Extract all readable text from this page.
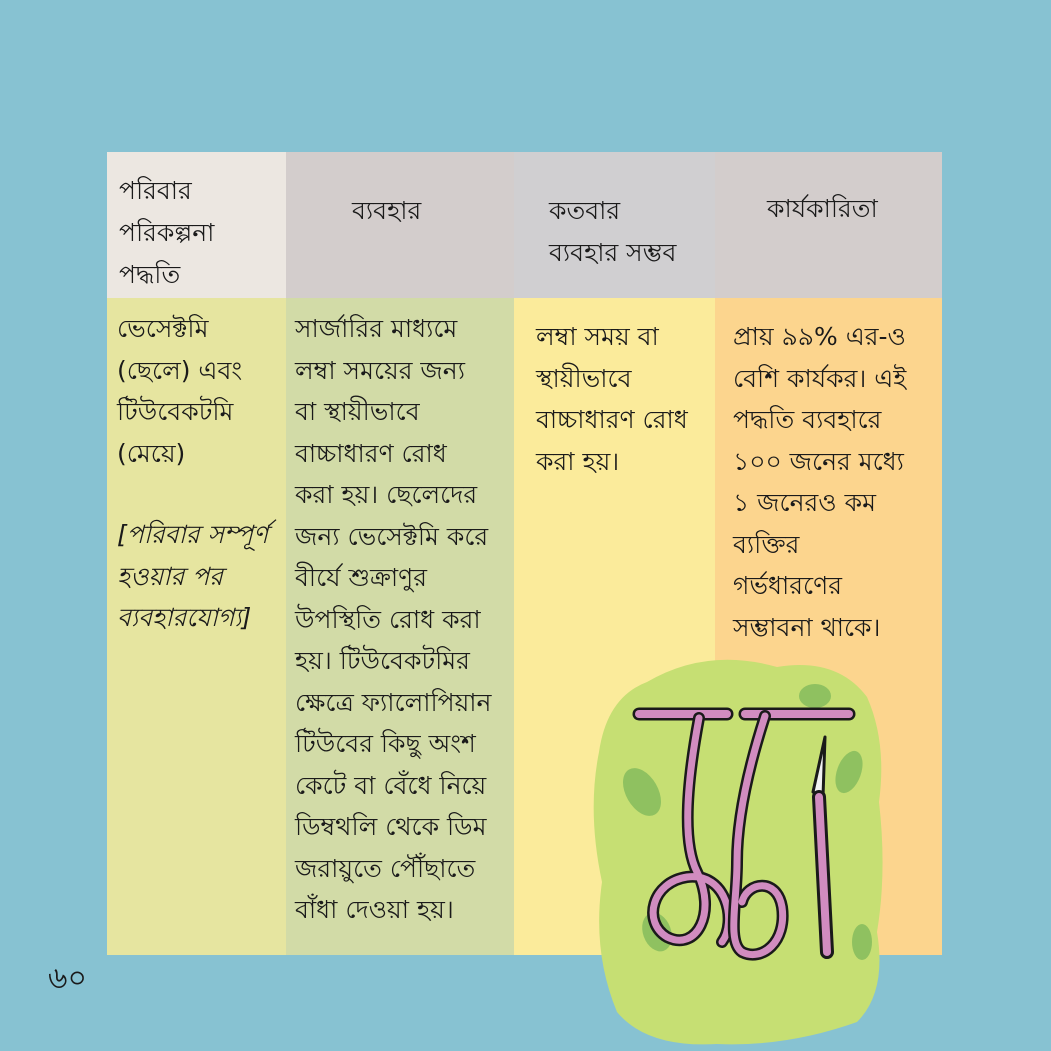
পরিবার
পরিকল্পনা
পদ্ধতি
ভেসেক্টমি
(ছেলে) এবং
টিউবেকটমি
(মেয়ে)
[পরিবার সম্পূর্ণ
হওয়ার পর
ব্যবহারযোগ্য]
ব্যবহার
সার্জারির মাধ্যমে
লম্বা সময়ের জন্য
বা স্থায়ীভাবে
বাচ্চাধারণ রোধ
করা হয়। ছেলেদের
জন্য ভেসেক্টমি করে
বীর্যে শুক্রাণুর
উপস্থিতি রোধ করা
হয়। টিউবেকটমির
ক্ষেত্রে ফ্যালোপিয়ান
টিউবের কিছু অংশ
কেটে বা বেঁধে নিয়ে
ডিম্বথলি থেকে ডিম
জরায়ুতে পৌঁছাতে
বাঁধা দেওয়া হয়।
কতবার
ব্যবহার সম্ভব
লম্বা সময় বা
স্থায়ীভাবে
বাচ্চাধারণ রোধ
করা হয়।
কার্যকারিতা
প্রায় ৯৯% এর-ও
বেশি কার্যকর। এই
পদ্ধতি ব্যবহারে
১০০ জনের মধ্যে
১ জনেরও কম
ব্যক্তির
গর্ভধারণের
সম্ভাবনা থাকে।
৬০
